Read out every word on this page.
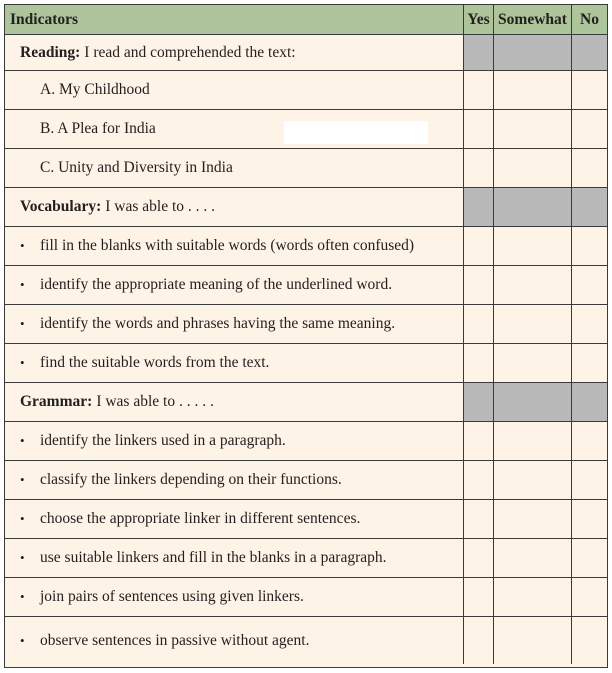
Indicators	Yes Somewhat No
Reading: I read and comprehended the text:
A. My Childhood
B. A Plea for India
C. Unity and Diversity in India
Vocabulary: I was able to . . . .
• fill in the blanks with suitable words (words often confused)
• identify the appropriate meaning of the underlined word.
• identify the words and phrases having the same meaning.
• find the suitable words from the text.
Grammar: I was able to . . . . .
• identify the linkers used in a paragraph.
• classify the linkers depending on their functions.
• choose the appropriate linker in different sentences.
• use suitable linkers and fill in the blanks in a paragraph.
• join pairs of sentences using given linkers.
• observe sentences in passive without agent.
